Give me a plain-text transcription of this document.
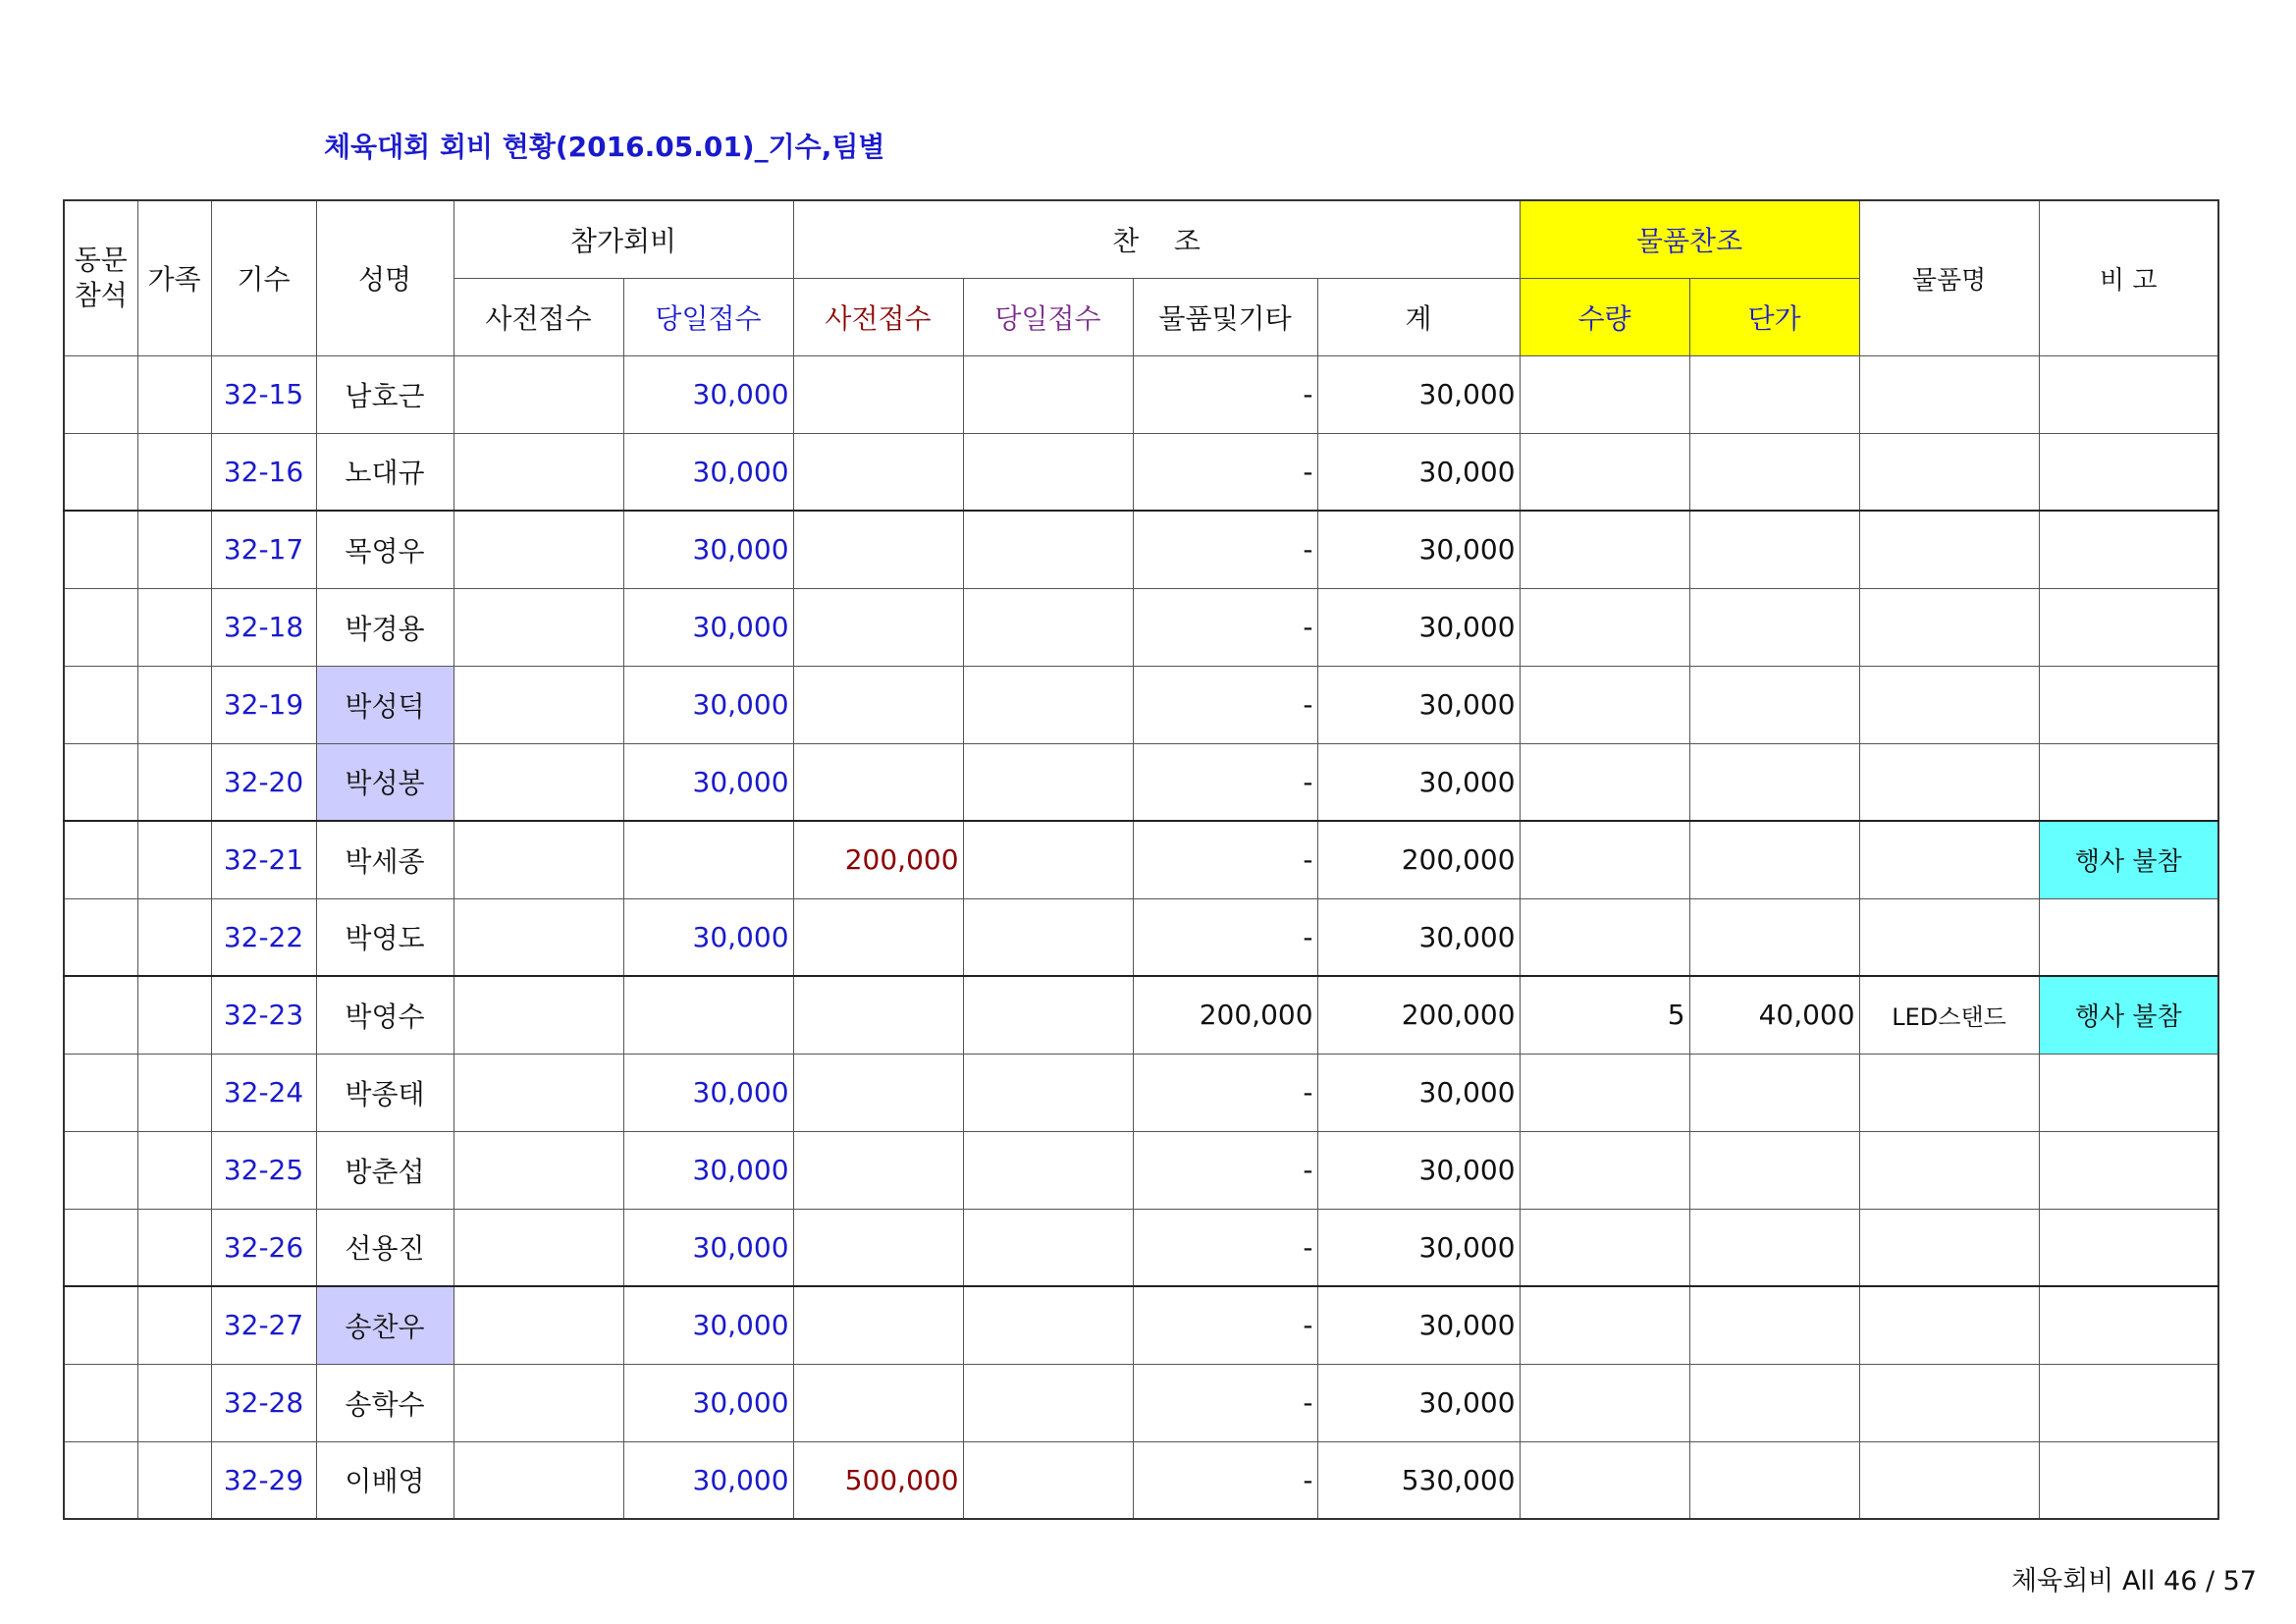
체육대회 회비 현황(2016.05.01)_기수,팀별
동문
참석	가족	기수	성명	참가회비		찬    조				물품찬조		물품명	비 고
				사전접수	당일접수	사전접수	당일접수	물품및기타	계	수량	단가		
		32-15	남호근		30,000			-	30,000				
		32-16	노대규		30,000			-	30,000				
		32-17	목영우		30,000			-	30,000				
		32-18	박경용		30,000			-	30,000				
		32-19	박성덕		30,000			-	30,000				
		32-20	박성봉		30,000			-	30,000				
		32-21	박세종			200,000		-	200,000				행사 불참
		32-22	박영도		30,000			-	30,000				
		32-23	박영수					200,000	200,000	5	40,000	LED스탠드	행사 불참
		32-24	박종태		30,000			-	30,000				
		32-25	방춘섭		30,000			-	30,000				
		32-26	선용진		30,000			-	30,000				
		32-27	송찬우		30,000			-	30,000				
		32-28	송학수		30,000			-	30,000				
		32-29	이배영		30,000	500,000		-	530,000				
체육회비 All 46 / 57
